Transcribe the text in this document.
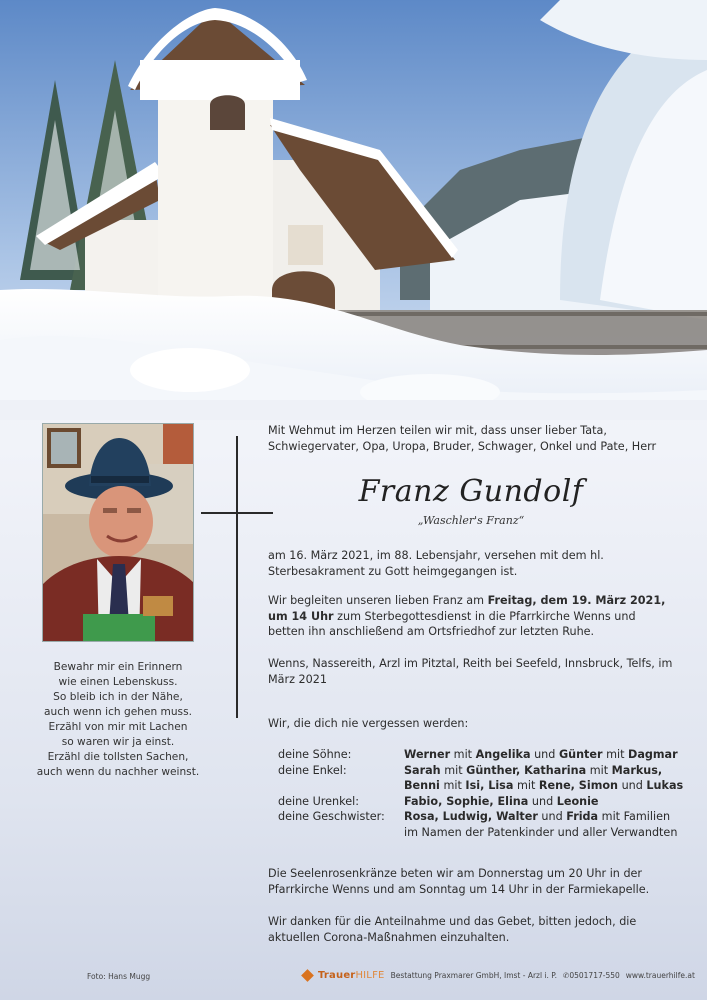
Bewahr mir ein Erinnern
wie einen Lebenskuss.
So bleib ich in der Nähe,
auch wenn ich gehen muss.
Erzähl von mir mit Lachen
so waren wir ja einst.
Erzähl die tollsten Sachen,
auch wenn du nachher weinst.

Mit Wehmut im Herzen teilen wir mit, dass unser lieber Tata, Schwiegervater, Opa, Uropa, Bruder, Schwager, Onkel und Pate, Herr

Franz Gundolf
„Waschler's Franz“

am 16. März 2021, im 88. Lebensjahr, versehen mit dem hl. Sterbesakrament zu Gott heimgegangen ist.

Wir begleiten unseren lieben Franz am Freitag, dem 19. März 2021, um 14 Uhr zum Sterbegottesdienst in die Pfarrkirche Wenns und betten ihn anschließend am Ortsfriedhof zur letzten Ruhe.

Wenns, Nassereith, Arzl im Pitztal, Reith bei Seefeld, Innsbruck, Telfs, im März 2021

Wir, die dich nie vergessen werden:

deine Söhne:	Werner mit Angelika und Günter mit Dagmar
deine Enkel:	Sarah mit Günther, Katharina mit Markus,
Benni mit Isi, Lisa mit Rene, Simon und Lukas
deine Urenkel:	Fabio, Sophie, Elina und Leonie
deine Geschwister:	Rosa, Ludwig, Walter und Frida mit Familien
im Namen der Patenkinder und aller Verwandten

Die Seelenrosenkränze beten wir am Donnerstag um 20 Uhr in der Pfarrkirche Wenns und am Sonntag um 14 Uhr in der Farmiekapelle.

Wir danken für die Anteilnahme und das Gebet, bitten jedoch, die aktuellen Corona-Maßnahmen einzuhalten.

Foto: Hans Mugg	TrauerHILFE Bestattung Praxmarer GmbH, Imst - Arzl i. P. ✆0501717-550 www.trauerhilfe.at
